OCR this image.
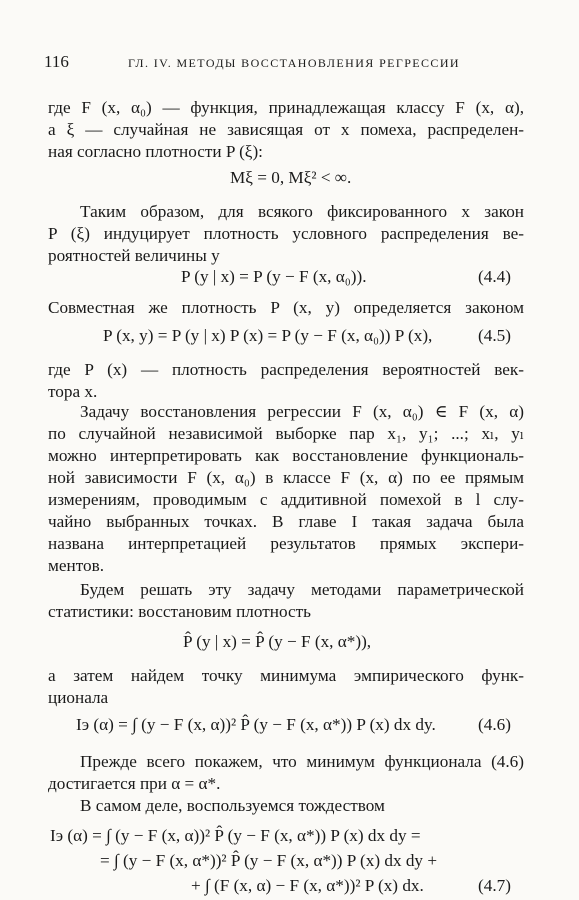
116	ГЛ. IV. МЕТОДЫ ВОССТАНОВЛЕНИЯ РЕГРЕССИИ
где F (x, α₀) — функция, принадлежащая классу F (x, α),
а ξ — случайная не зависящая от x помеха, распределен-
ная согласно плотности P (ξ):
Mξ = 0, Mξ² < ∞.
Таким образом, для всякого фиксированного x закон
P (ξ) индуцирует плотность условного распределения ве-
роятностей величины y
P (y | x) = P (y − F (x, α₀)).	(4.4)
Совместная же плотность P (x, y) определяется законом
P (x, y) = P (y | x) P (x) = P (y − F (x, α₀)) P (x),	(4.5)
где P (x) — плотность распределения вероятностей век-
тора x.
Задачу восстановления регрессии F (x, α₀) ∈ F (x, α)
по случайной независимой выборке пар x₁, y₁; ...; xₗ, yₗ
можно интерпретировать как восстановление функциональ-
ной зависимости F (x, α₀) в классе F (x, α) по ее прямым
измерениям, проводимым с аддитивной помехой в l слу-
чайно выбранных точках. В главе I такая задача была
названа интерпретацией результатов прямых экспери-
ментов.
Будем решать эту задачу методами параметрической
статистики: восстановим плотность
P̂ (y | x) = P̂ (y − F (x, α*)),
а затем найдем точку минимума эмпирического функ-
ционала
Iэ (α) = ∫ (y − F (x, α))² P̂ (y − F (x, α*)) P (x) dx dy. (4.6)
Прежде всего покажем, что минимум функционала (4.6)
достигается при α = α*.
В самом деле, воспользуемся тождеством
Iэ (α) = ∫ (y − F (x, α))² P̂ (y − F (x, α*)) P (x) dx dy =
= ∫ (y − F (x, α*))² P̂ (y − F (x, α*)) P (x) dx dy +
+ ∫ (F (x, α) − F (x, α*))² P (x) dx.	(4.7)
